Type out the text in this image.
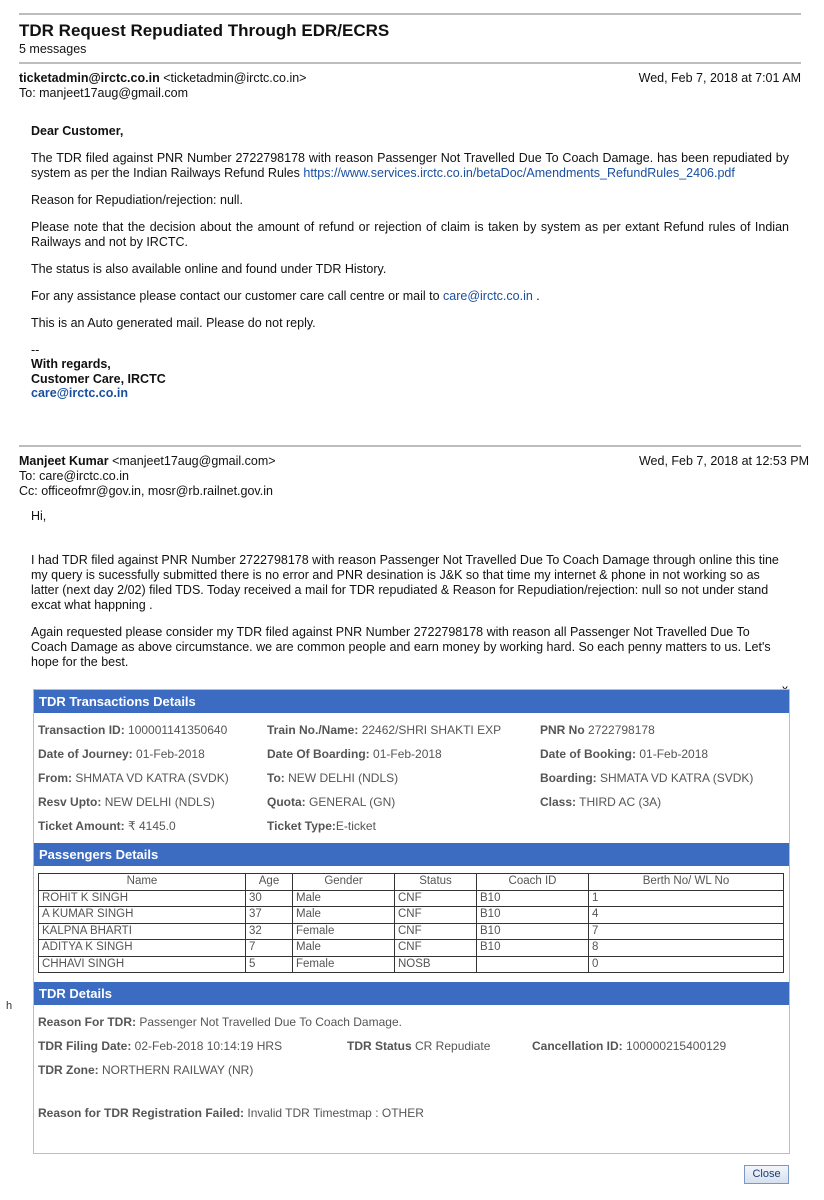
TDR Request Repudiated Through EDR/ECRS
5 messages
ticketadmin@irctc.co.in <ticketadmin@irctc.co.in>	Wed, Feb 7, 2018 at 7:01 AM
To: manjeet17aug@gmail.com
Dear Customer,
The TDR filed against PNR Number 2722798178 with reason Passenger Not Travelled Due To Coach Damage. has been repudiated by system as per the Indian Railways Refund Rules https://www.services.irctc.co.in/betaDoc/Amendments_RefundRules_2406.pdf
Reason for Repudiation/rejection: null.
Please note that the decision about the amount of refund or rejection of claim is taken by system as per extant Refund rules of Indian Railways and not by IRCTC.
The status is also available online and found under TDR History.
For any assistance please contact our customer care call centre or mail to care@irctc.co.in .
This is an Auto generated mail. Please do not reply.
--
With regards,
Customer Care, IRCTC
care@irctc.co.in
Manjeet Kumar <manjeet17aug@gmail.com>	Wed, Feb 7, 2018 at 12:53 PM
To: care@irctc.co.in
Cc: officeofmr@gov.in, mosr@rb.railnet.gov.in
Hi,
I had TDR filed against PNR Number 2722798178 with reason Passenger Not Travelled Due To Coach Damage through online this tine my query is sucessfully submitted there is no error and PNR desination is J&K so that time my internet & phone in not working so as latter (next day 2/02) filed TDS. Today received a mail for TDR repudiated & Reason for Repudiation/rejection: null so not under stand excat what happning .
Again requested please consider my TDR filed against PNR Number 2722798178 with reason all Passenger Not Travelled Due To Coach Damage as above circumstance. we are common people and earn money by working hard. So each penny matters to us. Let's hope for the best.
h
TDR Transactions Details
Transaction ID: 100001141350640	Train No./Name: 22462/SHRI SHAKTI EXP	PNR No 2722798178
Date of Journey: 01-Feb-2018	Date Of Boarding: 01-Feb-2018	Date of Booking: 01-Feb-2018
From: SHMATA VD KATRA (SVDK)	To: NEW DELHI (NDLS)	Boarding: SHMATA VD KATRA (SVDK)
Resv Upto: NEW DELHI (NDLS)	Quota: GENERAL (GN)	Class: THIRD AC (3A)
Ticket Amount: ₹ 4145.0	Ticket Type:E-ticket
Passengers Details
Name	Age	Gender	Status	Coach ID	Berth No/ WL No
ROHIT K SINGH	30	Male	CNF	B10	1
A KUMAR SINGH	37	Male	CNF	B10	4
KALPNA BHARTI	32	Female	CNF	B10	7
ADITYA K SINGH	7	Male	CNF	B10	8
CHHAVI SINGH	5	Female	NOSB		0
TDR Details
Reason For TDR: Passenger Not Travelled Due To Coach Damage.
TDR Filing Date: 02-Feb-2018 10:14:19 HRS	TDR Status CR Repudiate	Cancellation ID: 100000215400129
TDR Zone: NORTHERN RAILWAY (NR)
Reason for TDR Registration Failed: Invalid TDR Timestmap : OTHER
Close
